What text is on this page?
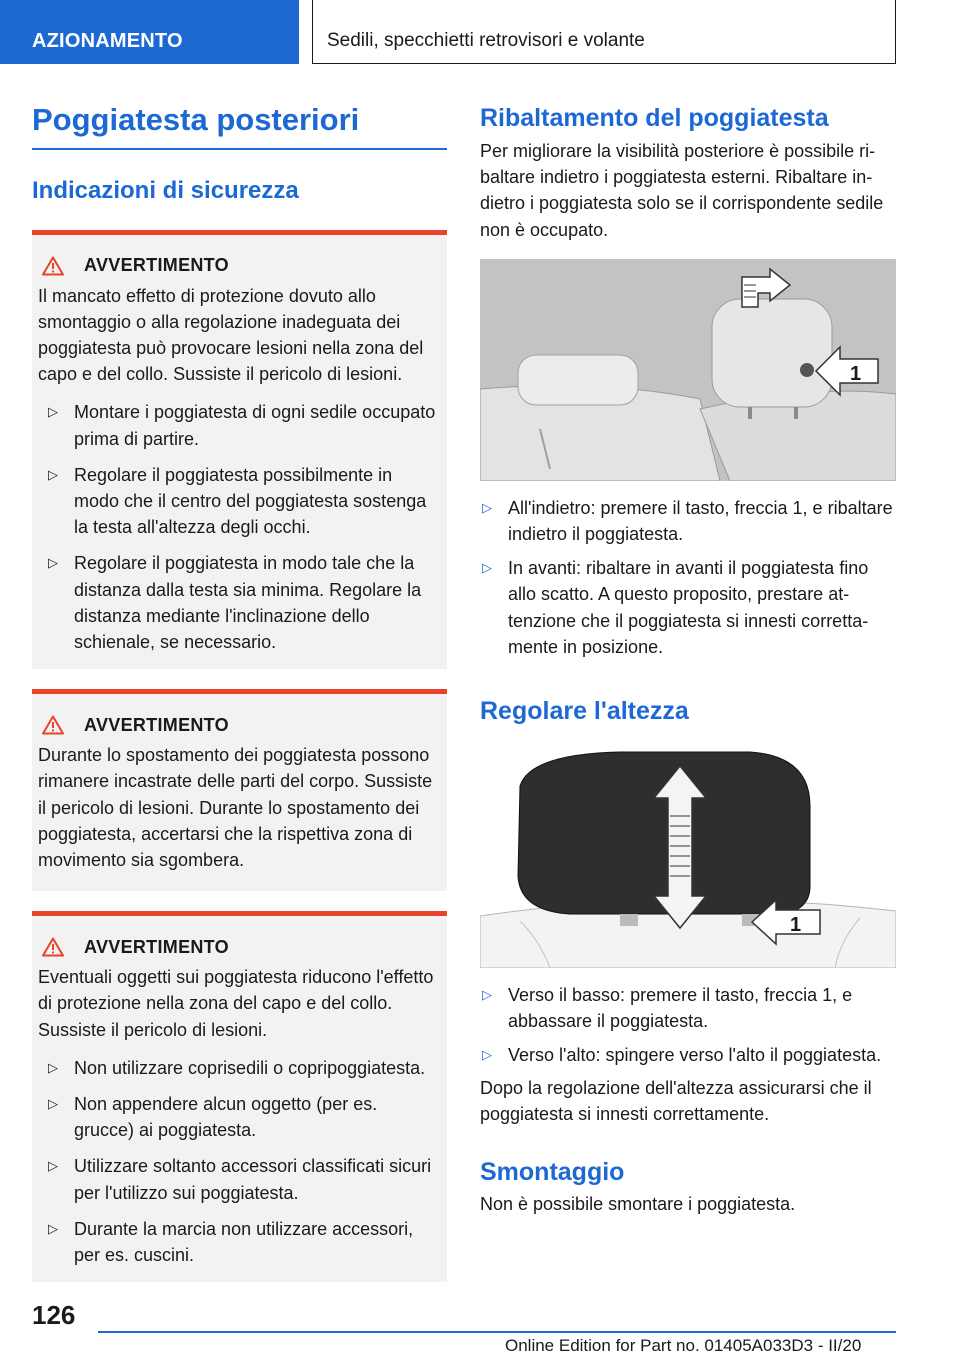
AZIONAMENTO	Sedili, specchietti retrovisori e volante
Poggiatesta posteriori
Indicazioni di sicurezza
AVVERTIMENTO
Il mancato effetto di protezione dovuto allo smontaggio o alla regolazione inadeguata dei poggiatesta può provocare lesioni nella zona del capo e del collo. Sussiste il pericolo di lesioni.
▷ Montare i poggiatesta di ogni sedile occupato prima di partire.
▷ Regolare il poggiatesta possibilmente in modo che il centro del poggiatesta sostenga la testa all'altezza degli occhi.
▷ Regolare il poggiatesta in modo tale che la distanza dalla testa sia minima. Regolare la distanza mediante l'inclinazione dello schienale, se necessario.
AVVERTIMENTO
Durante lo spostamento dei poggiatesta possono rimanere incastrate delle parti del corpo. Sussiste il pericolo di lesioni. Durante lo spostamento dei poggiatesta, accertarsi che la rispettiva zona di movimento sia sgombera.
AVVERTIMENTO
Eventuali oggetti sui poggiatesta riducono l'effetto di protezione nella zona del capo e del collo. Sussiste il pericolo di lesioni.
▷ Non utilizzare coprisedili o copripoggiatesta.
▷ Non appendere alcun oggetto (per es. grucce) ai poggiatesta.
▷ Utilizzare soltanto accessori classificati sicuri per l'utilizzo sui poggiatesta.
▷ Durante la marcia non utilizzare accessori, per es. cuscini.
Ribaltamento del poggiatesta
Per migliorare la visibilità posteriore è possibile ribaltare indietro i poggiatesta esterni. Ribaltare indietro i poggiatesta solo se il corrispondente sedile non è occupato.
1
▷ All'indietro: premere il tasto, freccia 1, e ribaltare indietro il poggiatesta.
▷ In avanti: ribaltare in avanti il poggiatesta fino allo scatto. A questo proposito, prestare attenzione che il poggiatesta si innesti correttamente in posizione.
Regolare l'altezza
1
▷ Verso il basso: premere il tasto, freccia 1, e abbassare il poggiatesta.
▷ Verso l'alto: spingere verso l'alto il poggiatesta.
Dopo la regolazione dell'altezza assicurarsi che il poggiatesta si innesti correttamente.
Smontaggio
Non è possibile smontare i poggiatesta.
126
Online Edition for Part no. 01405A033D3 - II/20
